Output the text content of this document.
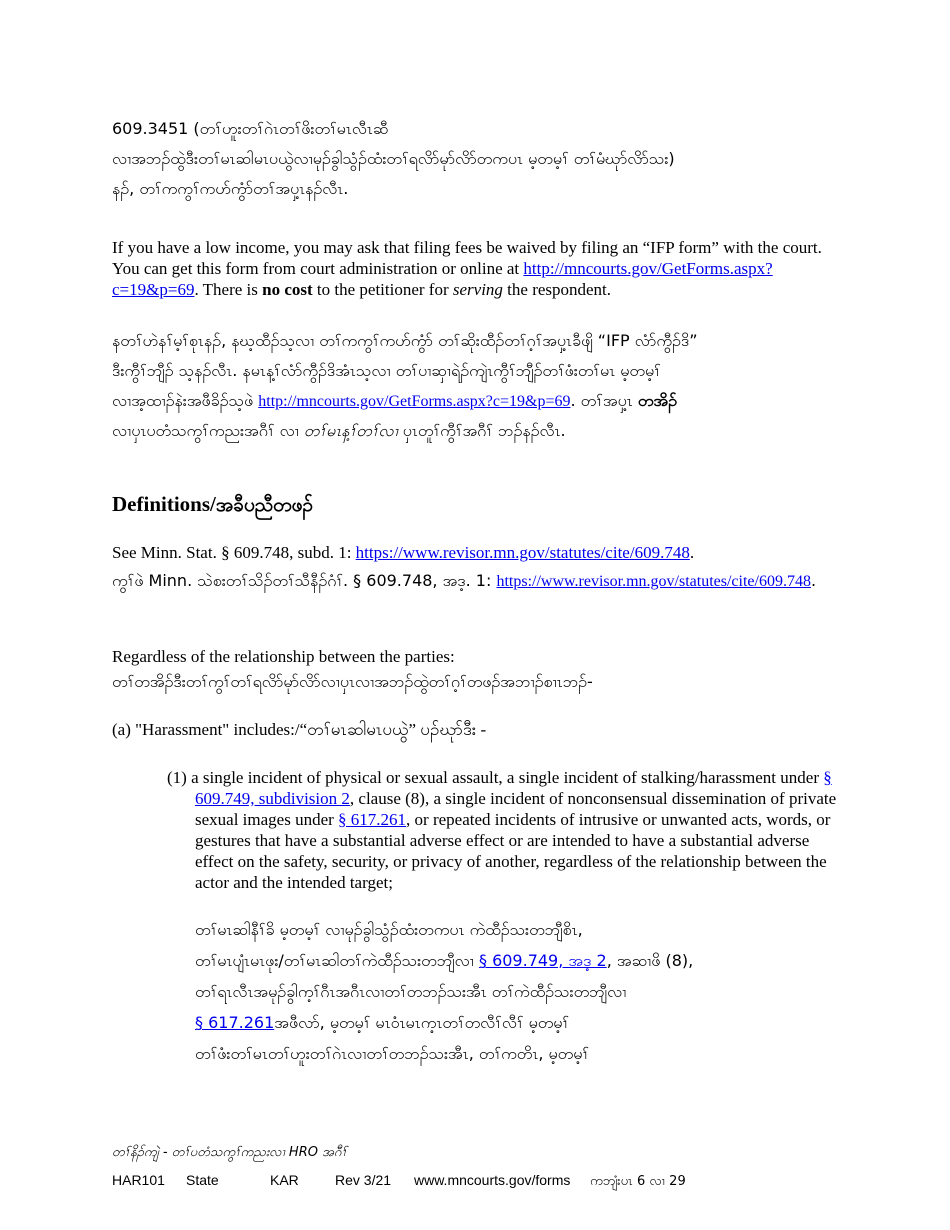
609.3451 (တၢ်ဟူးတၢ်ဂဲၤတၢ်ဖိးတၢ်မၤလီၤဆီ
လၢအဘၣ်ထွဲဒီးတၢ်မၤဆါမၤပယွဲလၢမုၣ်ခွါသွံၣ်ထံးတၢ်ရလိာ်မုာ်လိာ်တကပၤ မ့တမ့ၢ် တၢ်မံဃုာ်လိာ်သး)
နၣ်, တၢ်ကကွၢ်ကဟ်ကွံာ်တၢ်အပှ့ၤနၣ်လီၤ.
If you have a low income, you may ask that filing fees be waived by filing an “IFP form” with the court. You can get this form from court administration or online at http://mncourts.gov/GetForms.aspx?c=19&p=69. There is no cost to the petitioner for serving the respondent.
နတၢ်ဟဲနၢ်မ့ၢ်စုၤနၣ်, နဃ့ထီၣ်သ့လၢ တၢ်ကကွၢ်ကဟ်ကွံာ် တၢ်ဆိုးထီၣ်တၢ်ဂ့ၢ်အပှ့ၤခီဖျိ “IFP လံာ်ကွီၣ်ဒိ”
ဒီးကွီၢ်ဘျီၣ် သ့နၣ်လီၤ. နမၤန့ၢ်လံာ်ကွီၣ်ဒိအံၤသ့လၢ တၢ်ပၢဆှၢရဲၣ်ကျဲၤကွီၢ်ဘျီၣ်တၢ်ဖံးတၢ်မၤ မ့တမ့ၢ်
လၢအ့ထၢၣ်နဲးအဖီခိၣ်သ့ဖဲ http://mncourts.gov/GetForms.aspx?c=19&p=69. တၢ်အပှ့ၤ တအိၣ်
လၢပှၤပတံသကွၢ်ကညးအဂီၢ် လၢ တၢ်မၤန့ၢ်တၢ်လၢ ပှၤတူၢ်ကွီၢ်အဂီၢ် ဘၣ်နၣ်လီၤ.
Definitions/အခီပညီတဖၣ်
See Minn. Stat. § 609.748, subd. 1: https://www.revisor.mn.gov/statutes/cite/609.748.
ကွၢ်ဖဲ Minn. သဲစးတၢ်သိၣ်တၢ်သီနီၣ်ဂံၢ်. § 609.748, အဒ့. 1: https://www.revisor.mn.gov/statutes/cite/609.748.
Regardless of the relationship between the parties:
တၢ်တအိၣ်ဒီးတၢ်ကွၢ်တၢ်ရလိာ်မုာ်လိာ်လၢပှၤလၢအဘၣ်ထွဲတၢ်ဂ့ၢ်တဖၣ်အဘၢၣ်စၢၤဘၣ်-
(a) "Harassment" includes:/“တၢ်မၤဆါမၤပယွဲ” ပၣ်ဃုာ်ဒီး -
(1) a single incident of physical or sexual assault, a single incident of stalking/harassment under § 609.749, subdivision 2, clause (8), a single incident of nonconsensual dissemination of private sexual images under § 617.261, or repeated incidents of intrusive or unwanted acts, words, or gestures that have a substantial adverse effect or are intended to have a substantial adverse effect on the safety, security, or privacy of another, regardless of the relationship between the actor and the intended target;
တၢ်မၤဆါနီၢ်ခိ မ့တမ့ၢ် လၢမုၣ်ခွါသွံၣ်ထံးတကပၤ ကဲထီၣ်သးတဘျီစိၤ,
တၢ်မၤပျံၤမၤဖုး/တၢ်မၤဆါတၢ်ကဲထီၣ်သးတဘျီလၢ § 609.749, အဒ့ 2, အဆၢဖိ (8),
တၢ်ရၤလီၤအမုၣ်ခွါက့ၢ်ဂီၤအဂီၤလၢတၢ်တဘၣ်သးအီၤ တၢ်ကဲထီၣ်သးတဘျီလၢ
§ 617.261အဖီလာ်, မ့တမ့ၢ် မၤဝံၤမၤက့ၤတၢ်တလီၢ်လီၢ် မ့တမ့ၢ်
တၢ်ဖံးတၢ်မၤတၢ်ဟူးတၢ်ဂဲၤလၢတၢ်တဘၣ်သးအီၤ, တၢ်ကတိၤ, မ့တမ့ၢ်
တၢ်နိၣ်ကျဲ - တၢ်ပတံသကွၢ်ကညးလၢ HRO အဂီၢ်
HAR101 State	KAR	Rev 3/21 www.mncourts.gov/forms ကဘျံးပၤ 6 လၢ 29
